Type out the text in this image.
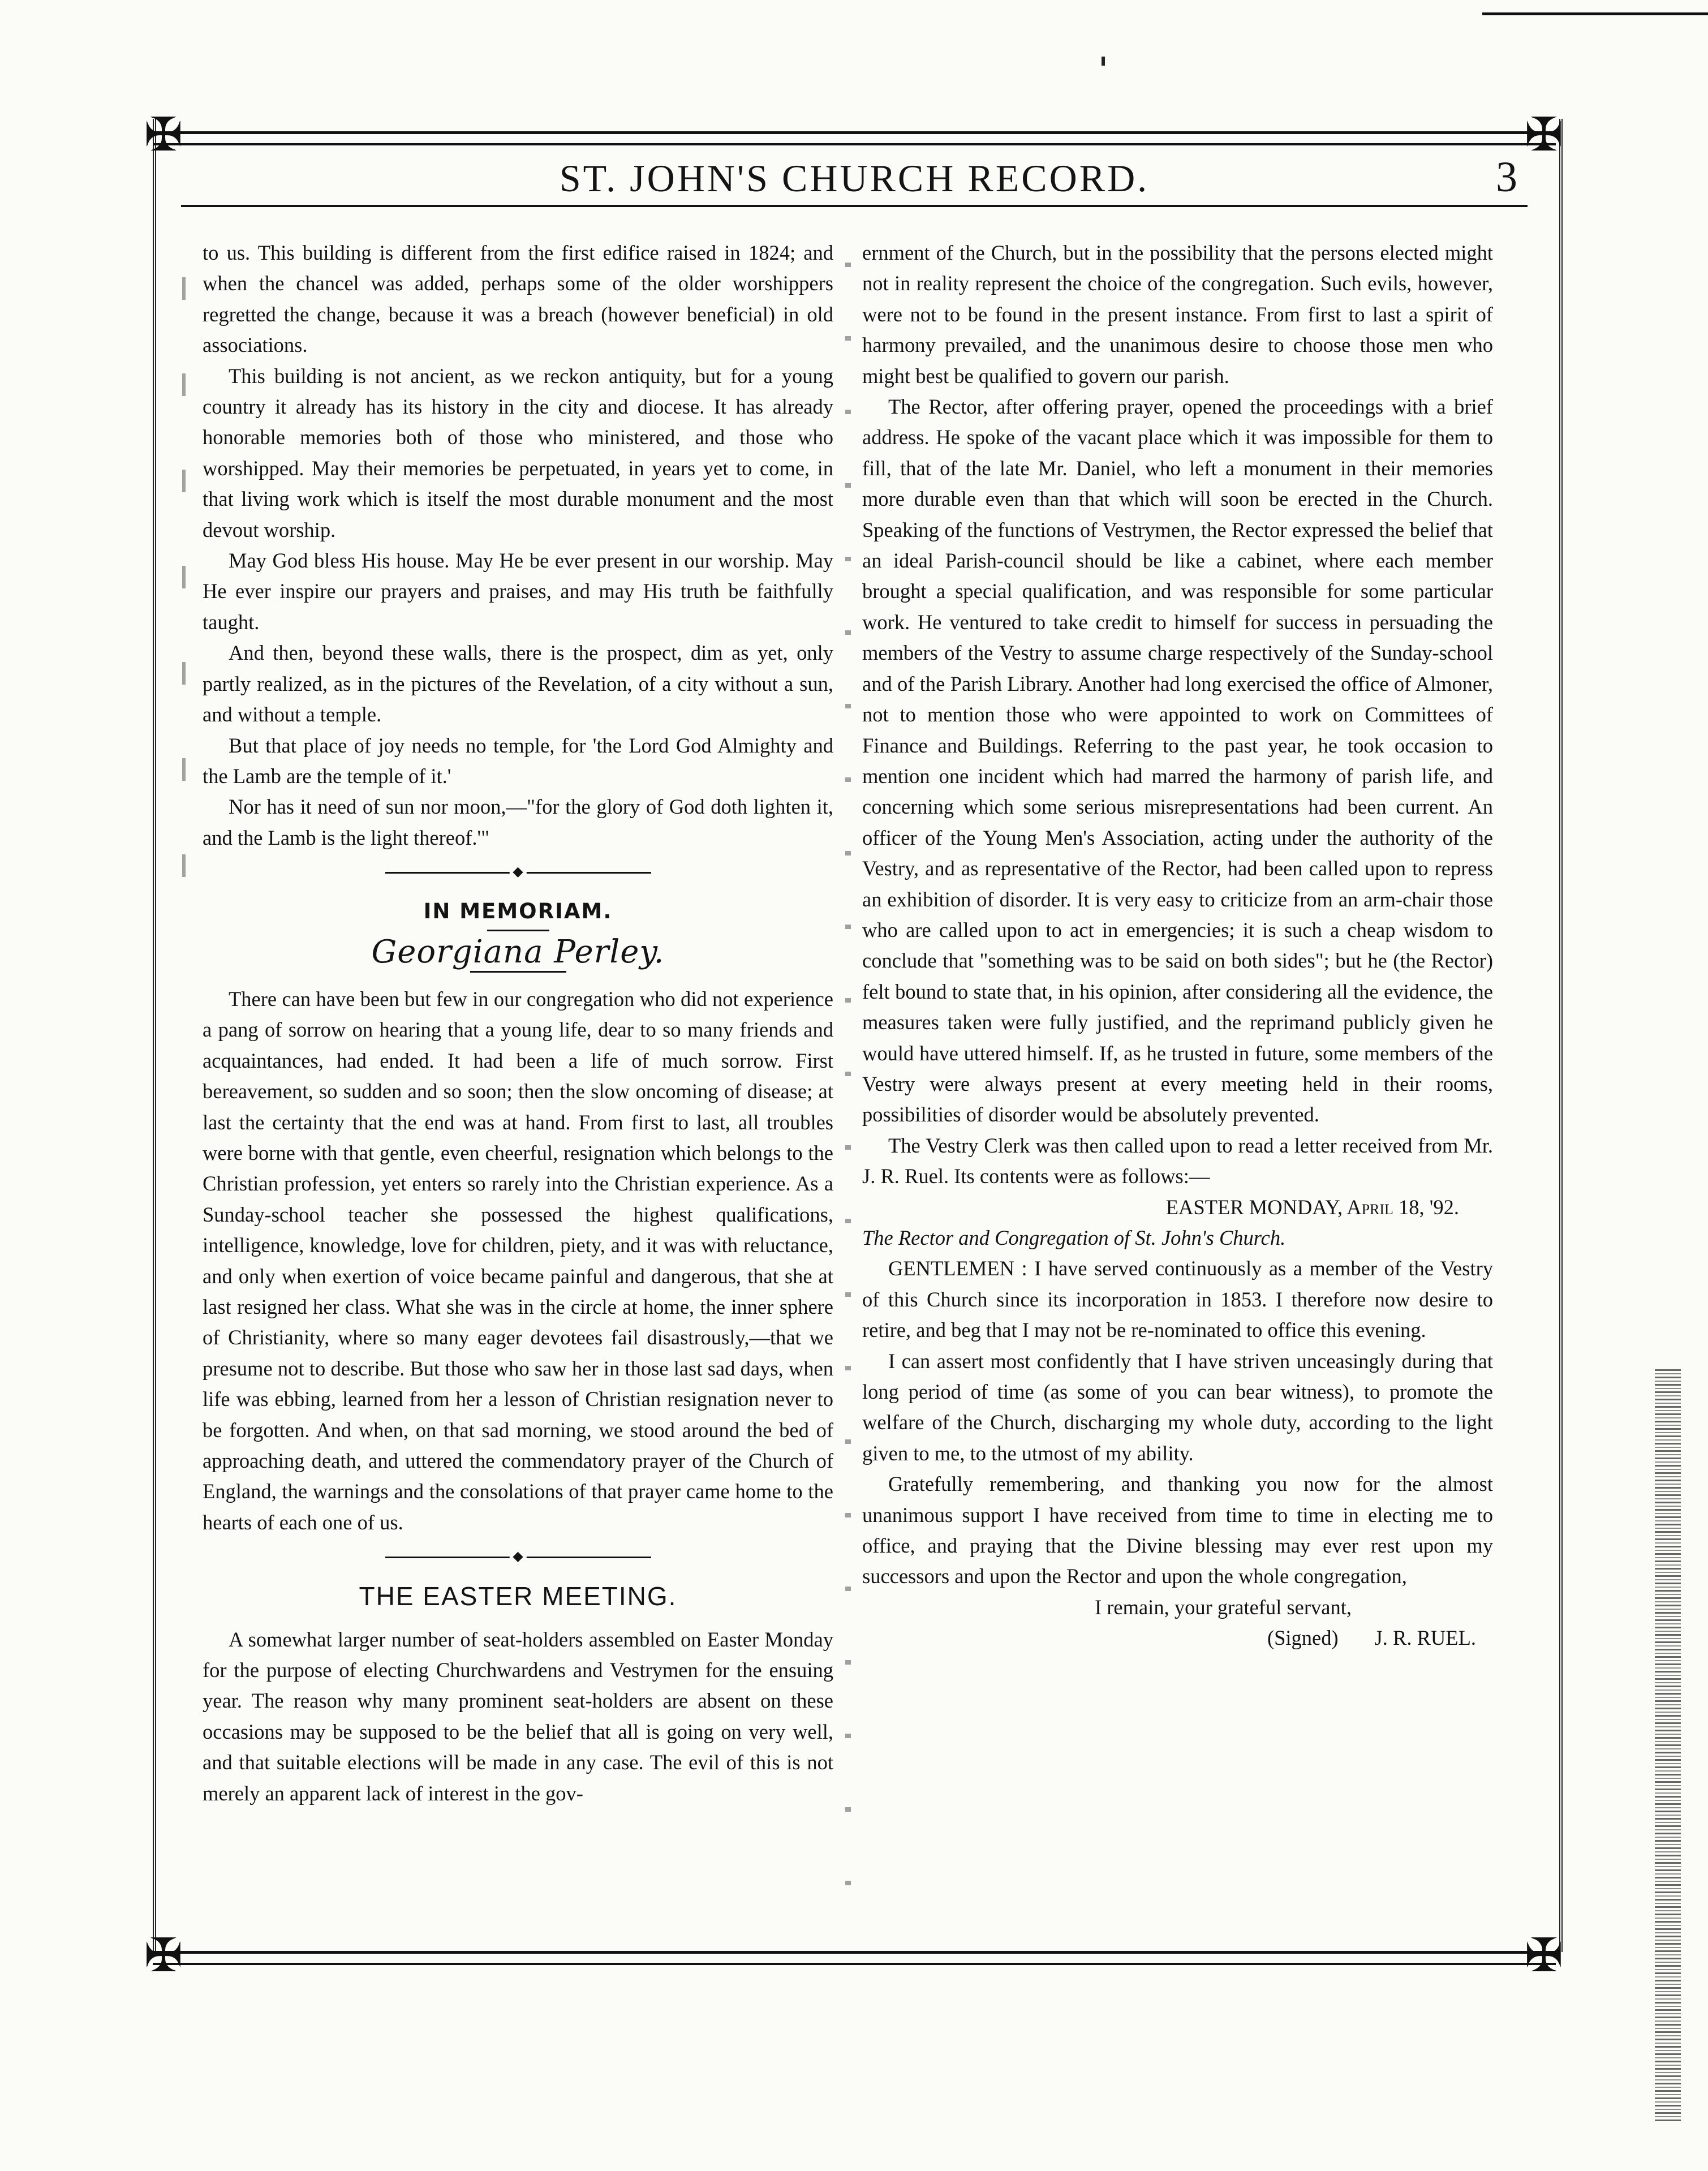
✠	✠
✠	✠
ST. JOHN'S CHURCH RECORD.	3

to us. This building is different from the first edifice raised in 1824; and when the chancel was added, perhaps some of the older worshippers regretted the change, because it was a breach (however beneficial) in old associations.

This building is not ancient, as we reckon antiquity, but for a young country it already has its history in the city and diocese. It has already honorable memories both of those who ministered, and those who worshipped. May their memories be perpetuated, in years yet to come, in that living work which is itself the most durable monument and the most devout worship.

May God bless His house. May He be ever present in our worship. May He ever inspire our prayers and praises, and may His truth be faithfully taught.

And then, beyond these walls, there is the prospect, dim as yet, only partly realized, as in the pictures of the Revelation, of a city without a sun, and without a temple.

But that place of joy needs no temple, for 'the Lord God Almighty and the Lamb are the temple of it.'

Nor has it need of sun nor moon,—"for the glory of God doth lighten it, and the Lamb is the light thereof.'"

◆

IN MEMORIAM.

Georgiana Perley.

There can have been but few in our congregation who did not experience a pang of sorrow on hearing that a young life, dear to so many friends and acquaintances, had ended. It had been a life of much sorrow. First bereavement, so sudden and so soon; then the slow oncoming of disease; at last the certainty that the end was at hand. From first to last, all troubles were borne with that gentle, even cheerful, resignation which belongs to the Christian profession, yet enters so rarely into the Christian experience. As a Sunday-school teacher she possessed the highest qualifications, intelligence, knowledge, love for children, piety, and it was with reluctance, and only when exertion of voice became painful and dangerous, that she at last resigned her class. What she was in the circle at home, the inner sphere of Christianity, where so many eager devotees fail disastrously,—that we presume not to describe. But those who saw her in those last sad days, when life was ebbing, learned from her a lesson of Christian resignation never to be forgotten. And when, on that sad morning, we stood around the bed of approaching death, and uttered the commendatory prayer of the Church of England, the warnings and the consolations of that prayer came home to the hearts of each one of us.

◆

THE EASTER MEETING.

A somewhat larger number of seat-holders assembled on Easter Monday for the purpose of electing Churchwardens and Vestrymen for the ensuing year. The reason why many prominent seat-holders are absent on these occasions may be supposed to be the belief that all is going on very well, and that suitable elections will be made in any case. The evil of this is not merely an apparent lack of interest in the gov-

ernment of the Church, but in the possibility that the persons elected might not in reality represent the choice of the congregation. Such evils, however, were not to be found in the present instance. From first to last a spirit of harmony prevailed, and the unanimous desire to choose those men who might best be qualified to govern our parish.

The Rector, after offering prayer, opened the proceedings with a brief address. He spoke of the vacant place which it was impossible for them to fill, that of the late Mr. Daniel, who left a monument in their memories more durable even than that which will soon be erected in the Church. Speaking of the functions of Vestrymen, the Rector expressed the belief that an ideal Parish-council should be like a cabinet, where each member brought a special qualification, and was responsible for some particular work. He ventured to take credit to himself for success in persuading the members of the Vestry to assume charge respectively of the Sunday-school and of the Parish Library. Another had long exercised the office of Almoner, not to mention those who were appointed to work on Committees of Finance and Buildings. Referring to the past year, he took occasion to mention one incident which had marred the harmony of parish life, and concerning which some serious misrepresentations had been current. An officer of the Young Men's Association, acting under the authority of the Vestry, and as representative of the Rector, had been called upon to repress an exhibition of disorder. It is very easy to criticize from an arm-chair those who are called upon to act in emergencies; it is such a cheap wisdom to conclude that "something was to be said on both sides"; but he (the Rector) felt bound to state that, in his opinion, after considering all the evidence, the measures taken were fully justified, and the reprimand publicly given he would have uttered himself. If, as he trusted in future, some members of the Vestry were always present at every meeting held in their rooms, possibilities of disorder would be absolutely prevented.

The Vestry Clerk was then called upon to read a letter received from Mr. J. R. Ruel. Its contents were as follows:—

EASTER MONDAY, April 18, '92.

The Rector and Congregation of St. John's Church.

GENTLEMEN : I have served continuously as a member of the Vestry of this Church since its incorporation in 1853. I therefore now desire to retire, and beg that I may not be re-nominated to office this evening.

I can assert most confidently that I have striven unceasingly during that long period of time (as some of you can bear witness), to promote the welfare of the Church, discharging my whole duty, according to the light given to me, to the utmost of my ability.

Gratefully remembering, and thanking you now for the almost unanimous support I have received from time to time in electing me to office, and praying that the Divine blessing may ever rest upon my successors and upon the Rector and upon the whole congregation,

I remain, your grateful servant,

(Signed) J. R. RUEL.
